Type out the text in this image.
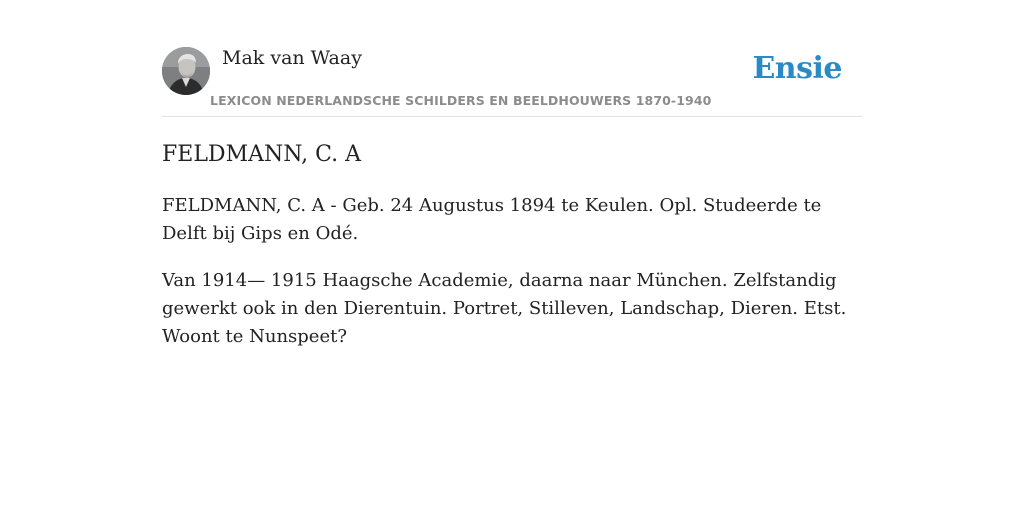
Mak van Waay
LEXICON NEDERLANDSCHE SCHILDERS EN BEELDHOUWERS 1870-1940
Ensie
FELDMANN, C. A

FELDMANN, C. A - Geb. 24 Augustus 1894 te Keulen. Opl. Studeerde te Delft bij Gips en Odé.

Van 1914— 1915 Haagsche Academie, daarna naar München. Zelfstandig gewerkt ook in den Dierentuin. Portret, Stilleven, Landschap, Dieren. Etst. Woont te Nunspeet?
